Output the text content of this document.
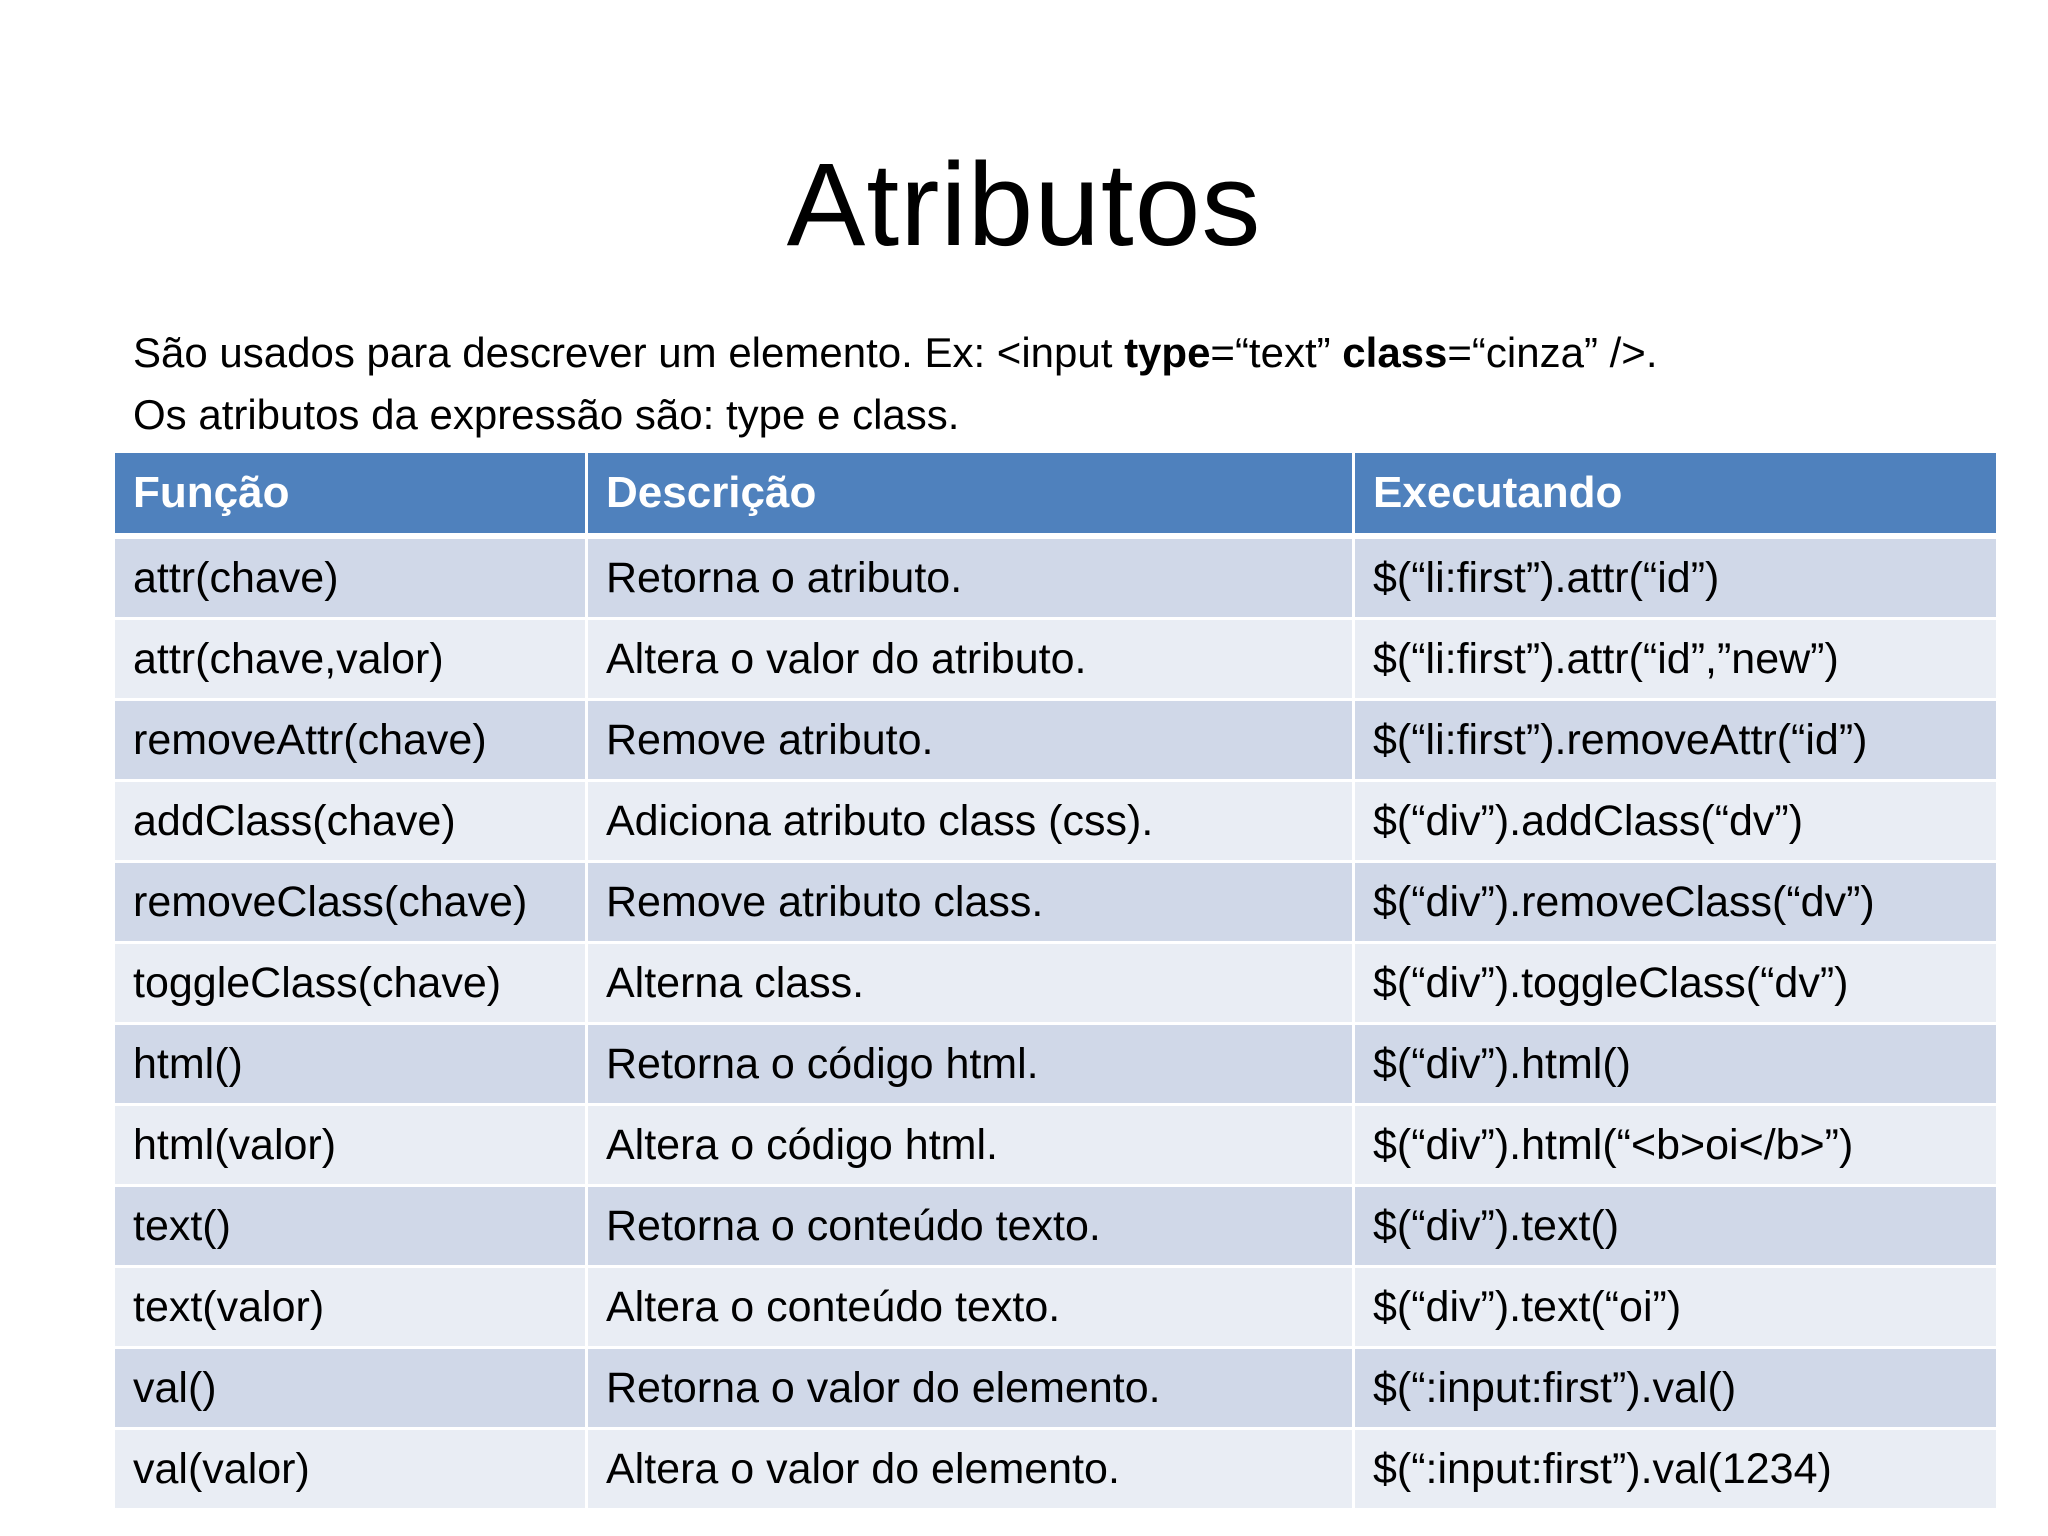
Atributos
São usados para descrever um elemento. Ex: <input type=“text” class=“cinza” />.
Os atributos da expressão são: type e class.
Função	Descrição	Executando
attr(chave)	Retorna o atributo.	$(“li:first”).attr(“id”)
attr(chave,valor)	Altera o valor do atributo.	$(“li:first”).attr(“id”,”new”)
removeAttr(chave)	Remove atributo.	$(“li:first”).removeAttr(“id”)
addClass(chave)	Adiciona atributo class (css).	$(“div”).addClass(“dv”)
removeClass(chave)	Remove atributo class.	$(“div”).removeClass(“dv”)
toggleClass(chave)	Alterna class.	$(“div”).toggleClass(“dv”)
html()	Retorna o código html.	$(“div”).html()
html(valor)	Altera o código html.	$(“div”).html(“<b>oi</b>”)
text()	Retorna o conteúdo texto.	$(“div”).text()
text(valor)	Altera o conteúdo texto.	$(“div”).text(“oi”)
val()	Retorna o valor do elemento.	$(“:input:first”).val()
val(valor)	Altera o valor do elemento.	$(“:input:first”).val(1234)
